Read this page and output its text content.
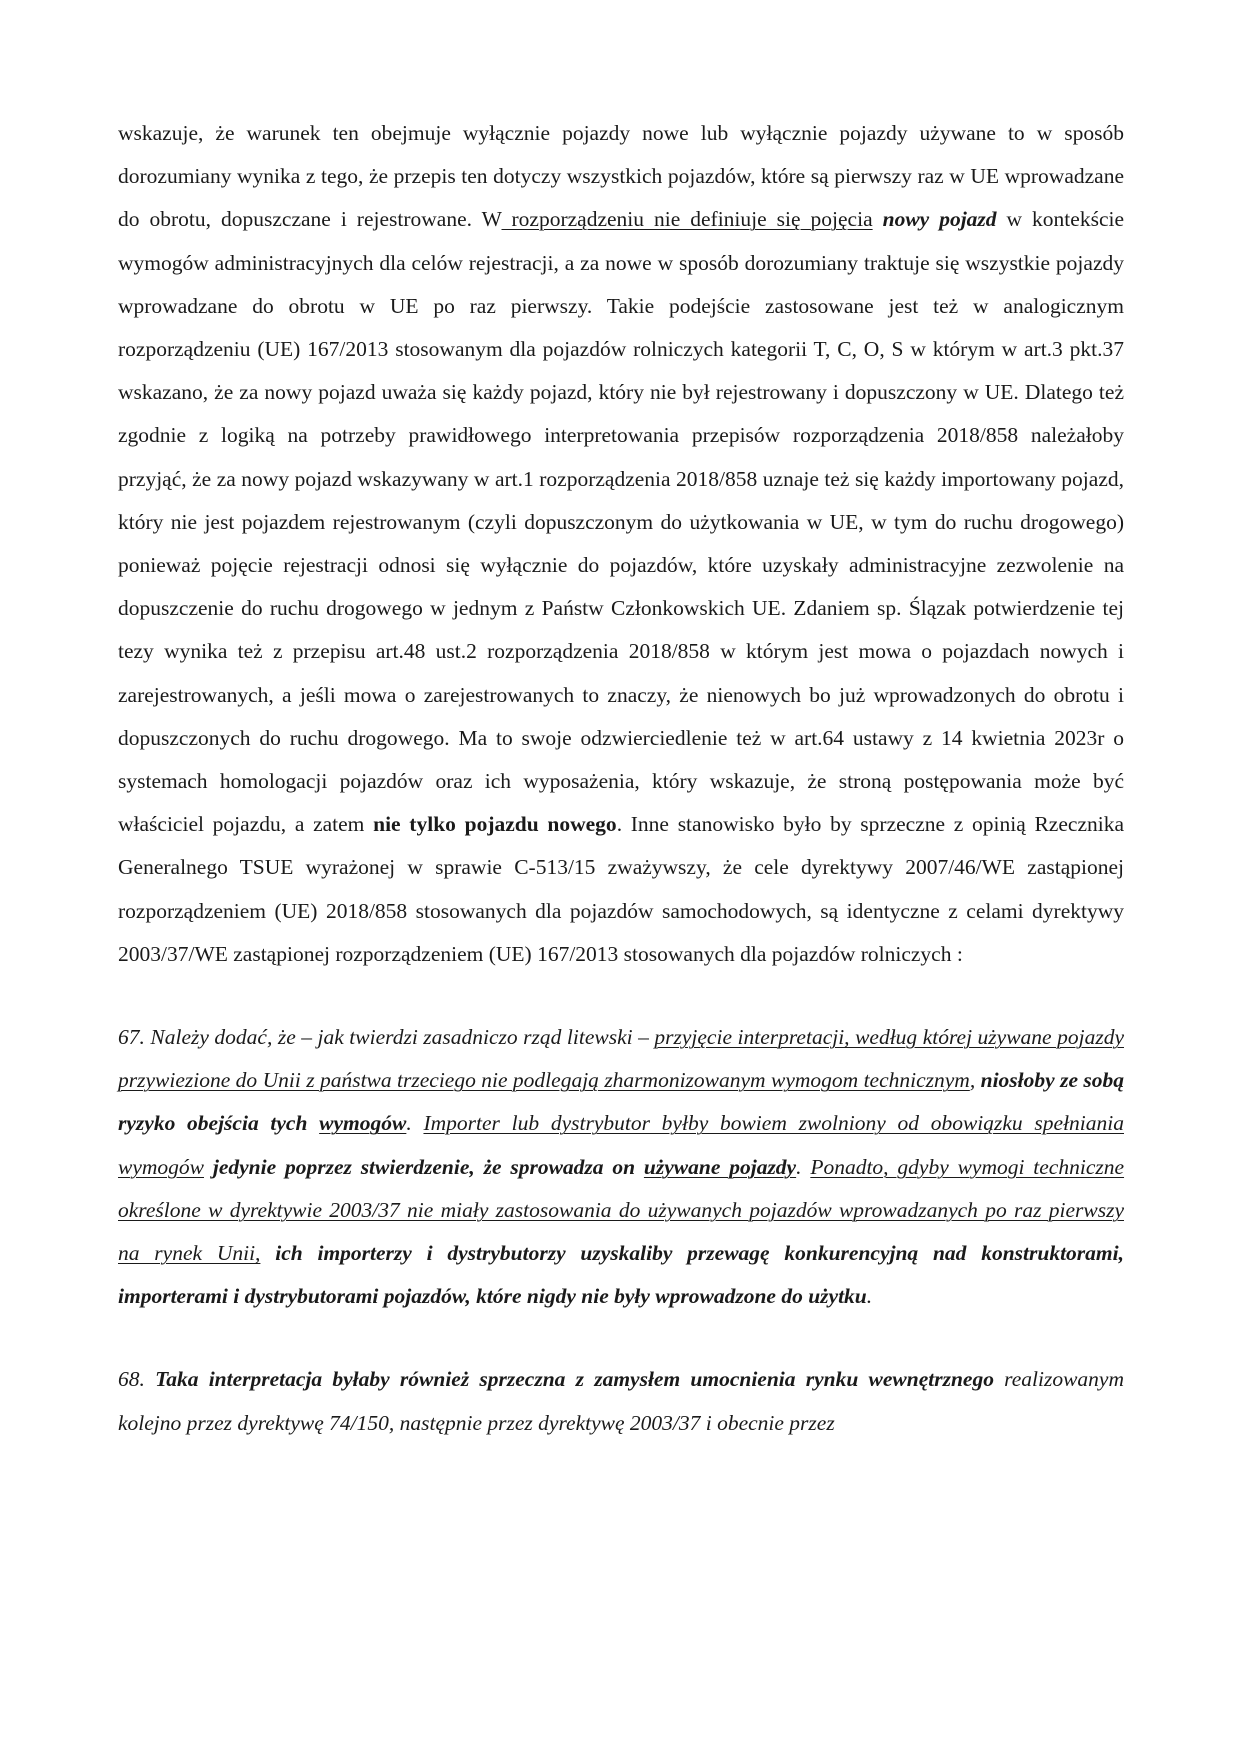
wskazuje, że warunek ten obejmuje wyłącznie pojazdy nowe lub wyłącznie pojazdy używane to w sposób dorozumiany wynika z tego, że przepis ten dotyczy wszystkich pojazdów, które są pierwszy raz w UE wprowadzane do obrotu, dopuszczane i rejestrowane. W rozporządzeniu nie definiuje się pojęcia nowy pojazd w kontekście wymogów administracyjnych dla celów rejestracji, a za nowe w sposób dorozumiany traktuje się wszystkie pojazdy wprowadzane do obrotu w UE po raz pierwszy. Takie podejście zastosowane jest też w analogicznym rozporządzeniu (UE) 167/2013 stosowanym dla pojazdów rolniczych kategorii T, C, O, S w którym w art.3 pkt.37 wskazano, że za nowy pojazd uważa się każdy pojazd, który nie był rejestrowany i dopuszczony w UE. Dlatego też zgodnie z logiką na potrzeby prawidłowego interpretowania przepisów rozporządzenia 2018/858 należałoby przyjąć, że za nowy pojazd wskazywany w art.1 rozporządzenia 2018/858 uznaje też się każdy importowany pojazd, który nie jest pojazdem rejestrowanym (czyli dopuszczonym do użytkowania w UE, w tym do ruchu drogowego) ponieważ pojęcie rejestracji odnosi się wyłącznie do pojazdów, które uzyskały administracyjne zezwolenie na dopuszczenie do ruchu drogowego w jednym z Państw Członkowskich UE. Zdaniem sp. Ślązak potwierdzenie tej tezy wynika też z przepisu art.48 ust.2 rozporządzenia 2018/858 w którym jest mowa o pojazdach nowych i zarejestrowanych, a jeśli mowa o zarejestrowanych to znaczy, że nienowych bo już wprowadzonych do obrotu i dopuszczonych do ruchu drogowego. Ma to swoje odzwierciedlenie też w art.64 ustawy z 14 kwietnia 2023r o systemach homologacji pojazdów oraz ich wyposażenia, który wskazuje, że stroną postępowania może być właściciel pojazdu, a zatem nie tylko pojazdu nowego. Inne stanowisko było by sprzeczne z opinią Rzecznika Generalnego TSUE wyrażonej w sprawie C-513/15 zważywszy, że cele dyrektywy 2007/46/WE zastąpionej rozporządzeniem (UE) 2018/858 stosowanych dla pojazdów samochodowych, są identyczne z celami dyrektywy 2003/37/WE zastąpionej rozporządzeniem (UE) 167/2013 stosowanych dla pojazdów rolniczych :

67. Należy dodać, że – jak twierdzi zasadniczo rząd litewski – przyjęcie interpretacji, według której używane pojazdy przywiezione do Unii z państwa trzeciego nie podlegają zharmonizowanym wymogom technicznym, niosłoby ze sobą ryzyko obejścia tych wymogów. Importer lub dystrybutor byłby bowiem zwolniony od obowiązku spełniania wymogów jedynie poprzez stwierdzenie, że sprowadza on używane pojazdy. Ponadto, gdyby wymogi techniczne określone w dyrektywie 2003/37 nie miały zastosowania do używanych pojazdów wprowadzanych po raz pierwszy na rynek Unii, ich importerzy i dystrybutorzy uzyskaliby przewagę konkurencyjną nad konstruktorami, importerami i dystrybutorami pojazdów, które nigdy nie były wprowadzone do użytku.

68. Taka interpretacja byłaby również sprzeczna z zamysłem umocnienia rynku wewnętrznego realizowanym kolejno przez dyrektywę 74/150, następnie przez dyrektywę 2003/37 i obecnie przez
